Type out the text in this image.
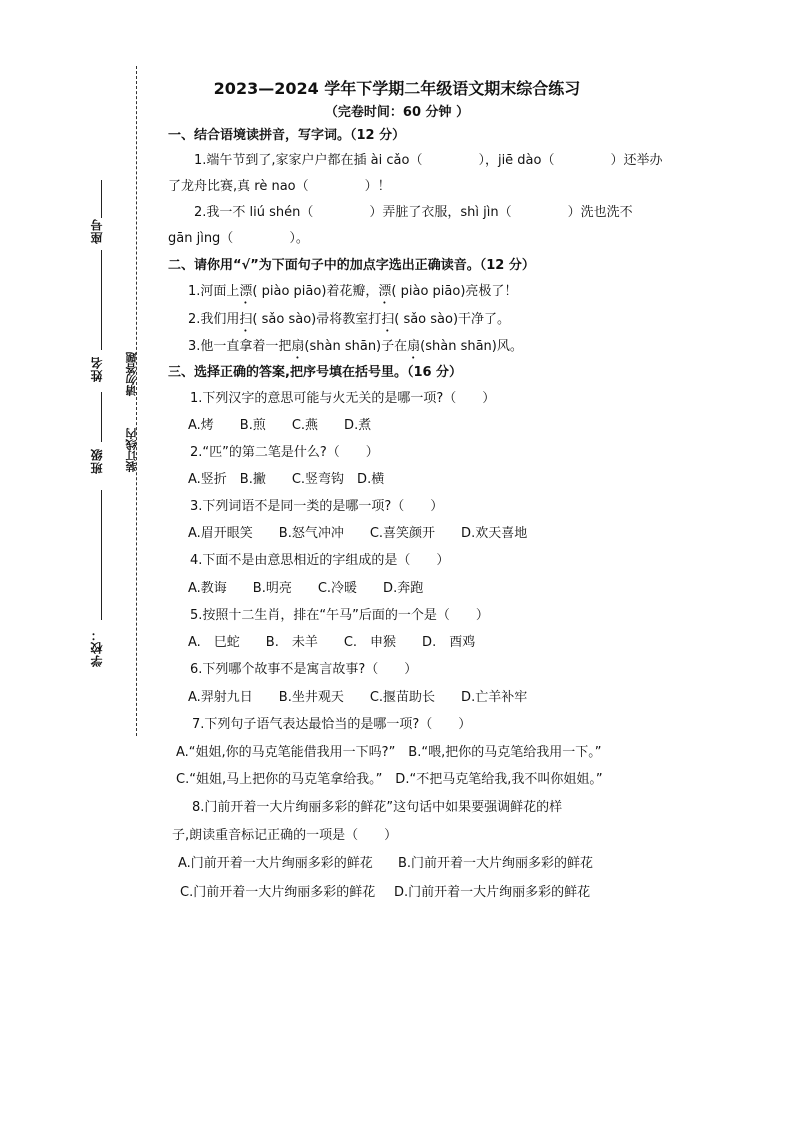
座号
姓名
班级
学校：
请勿答题
装订线内
2023—2024 学年下学期二年级语文期末综合练习
（完卷时间：60 分钟 ）
一、结合语境读拼音，写字词。（12 分）
1.端午节到了,家家户户都在插 ài cǎo（	），jiē dào（	）还举办
了龙舟比赛,真 rè nao（	）！
2.我一不 liú shén（	）弄脏了衣服，shì jìn（	）洗也洗不
gān jìng（	）。
二、请你用“√”为下面句子中的加点字选出正确读音。（12 分）
1.河面上漂( piào piāo)着花瓣，漂( piào piāo)亮极了！
2.我们用扫( sǎo sào)帚将教室打扫( sǎo sào)干净了。
3.他一直拿着一把扇(shàn shān)子在扇(shàn shān)风。
三、选择正确的答案,把序号填在括号里。（16 分）
1.下列汉字的意思可能与火无关的是哪一项?（　　）
A.烤　　B.煎　　C.燕　　D.煮
2.“匹”的第二笔是什么?（　　）
A.竖折　B.撇　　C.竖弯钩　D.横
3.下列词语不是同一类的是哪一项?（　　）
A.眉开眼笑　　B.怒气冲冲　　C.喜笑颜开　　D.欢天喜地
4.下面不是由意思相近的字组成的是（　　）
A.教诲　　B.明亮　　C.冷暖　　D.奔跑
5.按照十二生肖，排在“午马”后面的一个是（　　）
A.　巳蛇　　B.　未羊　　C.　申猴　　D.　酉鸡
6.下列哪个故事不是寓言故事?（　　）
A.羿射九日　　B.坐井观天　　C.揠苗助长　　D.亡羊补牢
7.下列句子语气表达最恰当的是哪一项?（　　）
A.“姐姐,你的马克笔能借我用一下吗?”　B.“喂,把你的马克笔给我用一下。”
C.“姐姐,马上把你的马克笔拿给我。”　D.“不把马克笔给我,我不叫你姐姐。”
8.门前开着一大片绚丽多彩的鲜花”这句话中如果要强调鲜花的样
子,朗读重音标记正确的一项是（　　）
A.门前开着一大片绚丽多彩的鲜花 B.门前开着一大片绚丽多彩的鲜花
C.门前开着一大片绚丽多彩的鲜花 D.门前开着一大片绚丽多彩的鲜花
